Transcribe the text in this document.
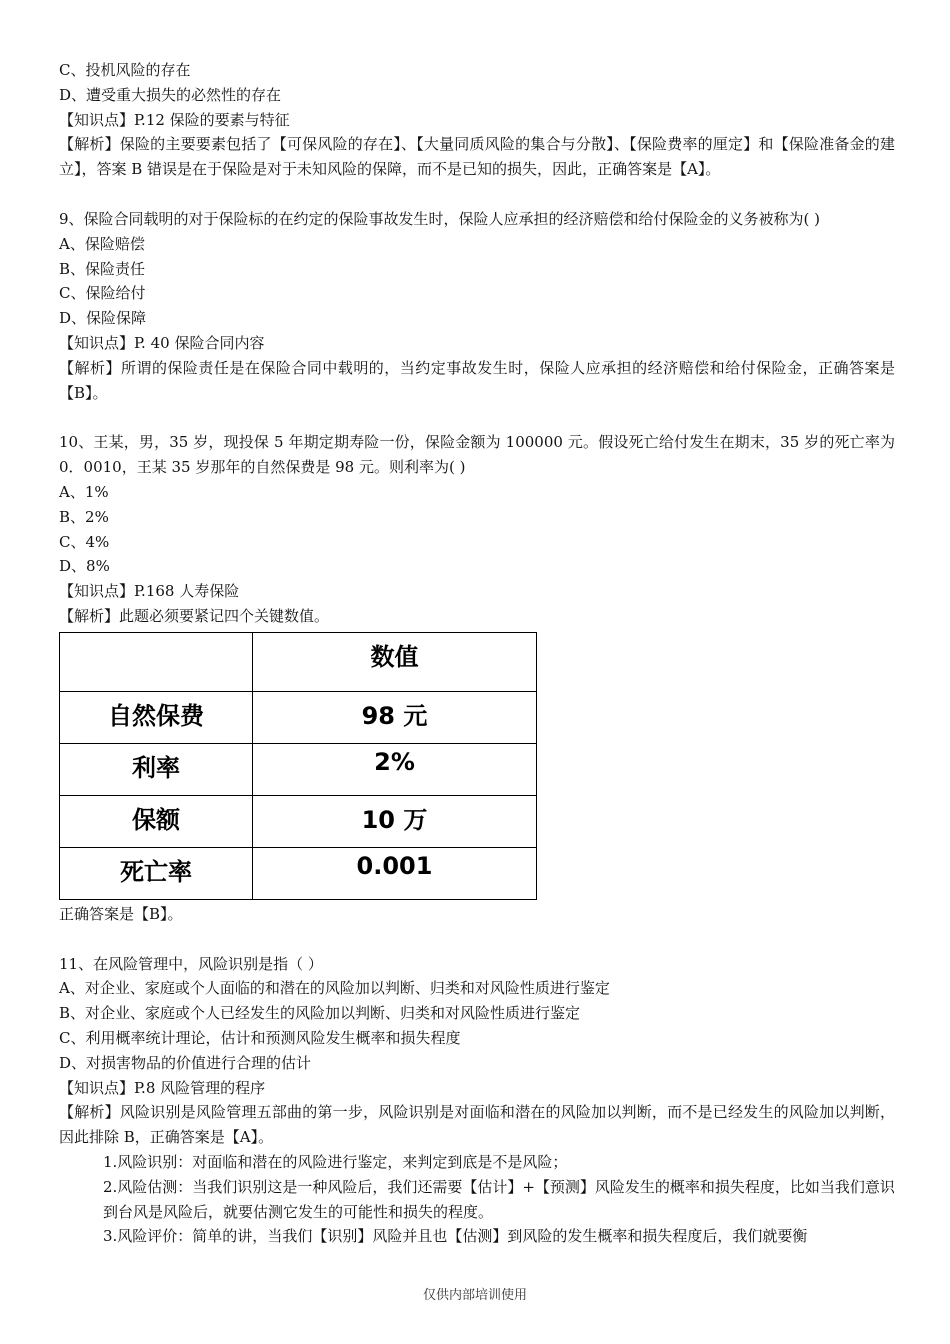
C、投机风险的存在
D、遭受重大损失的必然性的存在
【知识点】P.12 保险的要素与特征
【解析】保险的主要要素包括了【可保风险的存在】、【大量同质风险的集合与分散】、【保险费率的厘定】和【保险准备金的建立】，答案 B 错误是在于保险是对于未知风险的保障，而不是已知的损失，因此，正确答案是【A】。
9、保险合同载明的对于保险标的在约定的保险事故发生时，保险人应承担的经济赔偿和给付保险金的义务被称为( )
A、保险赔偿
B、保险责任
C、保险给付
D、保险保障
【知识点】P. 40 保险合同内容
【解析】所谓的保险责任是在保险合同中载明的，当约定事故发生时，保险人应承担的经济赔偿和给付保险金，正确答案是【B】。
10、王某，男，35 岁，现投保 5 年期定期寿险一份，保险金额为 100000 元。假设死亡给付发生在期末，35 岁的死亡率为 0．0010，王某 35 岁那年的自然保费是 98 元。则利率为( )
A、1%
B、2%
C、4%
D、8%
【知识点】P.168 人寿保险
【解析】此题必须要紧记四个关键数值。
	数值
自然保费	98 元
利率	2%
保额	10 万
死亡率	0.001
正确答案是【B】。
11、在风险管理中，风险识别是指（ ）
A、对企业、家庭或个人面临的和潜在的风险加以判断、归类和对风险性质进行鉴定
B、对企业、家庭或个人已经发生的风险加以判断、归类和对风险性质进行鉴定
C、利用概率统计理论，估计和预测风险发生概率和损失程度
D、对损害物品的价值进行合理的估计
【知识点】P.8 风险管理的程序
【解析】风险识别是风险管理五部曲的第一步，风险识别是对面临和潜在的风险加以判断，而不是已经发生的风险加以判断，因此排除 B，正确答案是【A】。
1.风险识别：对面临和潜在的风险进行鉴定，来判定到底是不是风险；
2.风险估测：当我们识别这是一种风险后，我们还需要【估计】+【预测】风险发生的概率和损失程度，比如当我们意识到台风是风险后，就要估测它发生的可能性和损失的程度。
3.风险评价：简单的讲，当我们【识别】风险并且也【估测】到风险的发生概率和损失程度后，我们就要衡
仅供内部培训使用
